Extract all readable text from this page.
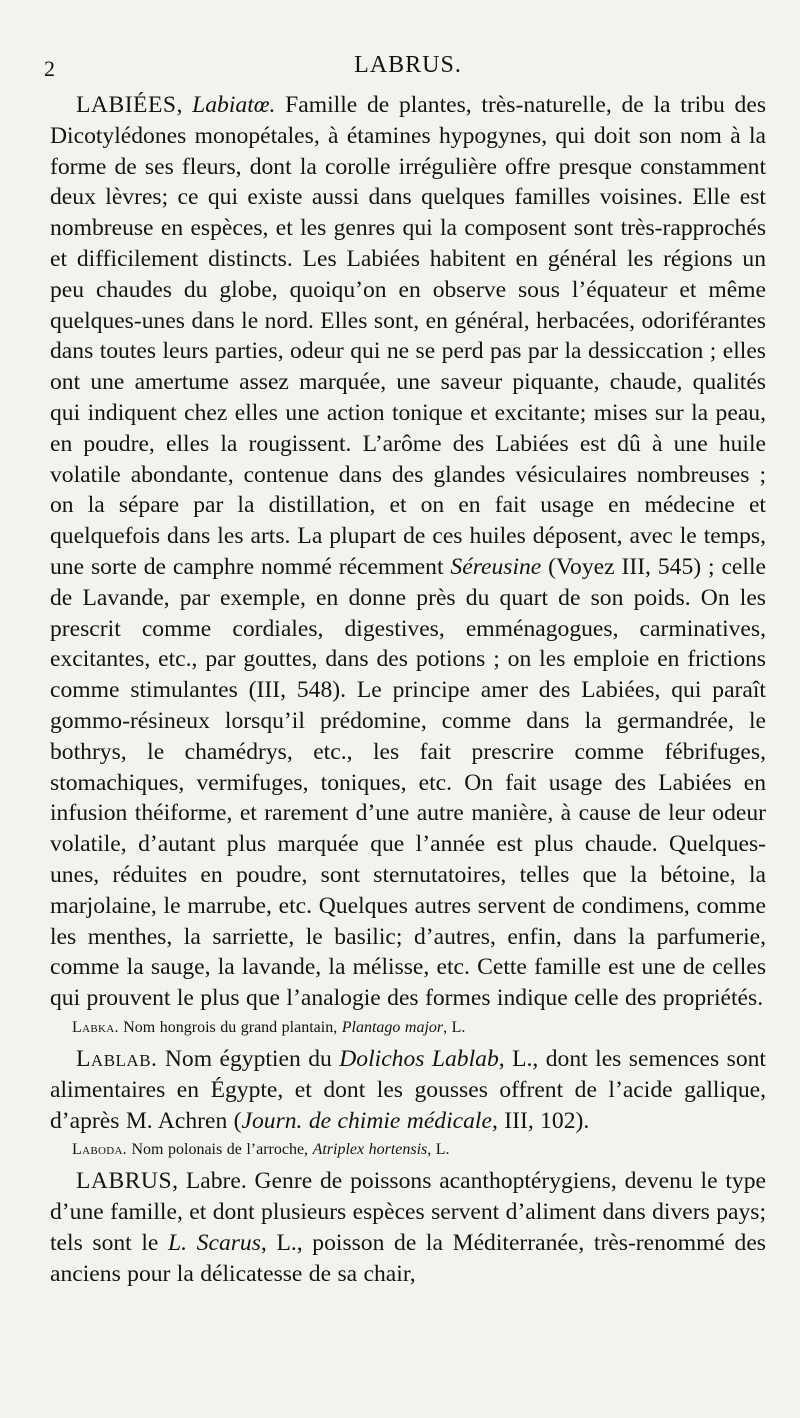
2	LABRUS.

LABIÉES, Labiatœ. Famille de plantes, très-naturelle, de la tribu des Dicotylédones monopétales, à étamines hypogynes, qui doit son nom à la forme de ses fleurs, dont la corolle irrégulière offre presque constamment deux lèvres; ce qui existe aussi dans quelques familles voisines. Elle est nombreuse en espèces, et les genres qui la composent sont très-rapprochés et difficilement distincts. Les Labiées habitent en général les régions un peu chaudes du globe, quoiqu’on en observe sous l’équateur et même quelques-unes dans le nord. Elles sont, en général, herbacées, odoriférantes dans toutes leurs parties, odeur qui ne se perd pas par la dessiccation ; elles ont une amertume assez marquée, une saveur piquante, chaude, qualités qui indiquent chez elles une action tonique et excitante; mises sur la peau, en poudre, elles la rougissent. L’arôme des Labiées est dû à une huile volatile abondante, contenue dans des glandes vésiculaires nombreuses ; on la sépare par la distillation, et on en fait usage en médecine et quelquefois dans les arts. La plupart de ces huiles déposent, avec le temps, une sorte de camphre nommé récemment Séreusine (Voyez III, 545) ; celle de Lavande, par exemple, en donne près du quart de son poids. On les prescrit comme cordiales, digestives, emménagogues, carminatives, excitantes, etc., par gouttes, dans des potions ; on les emploie en frictions comme stimulantes (III, 548). Le principe amer des Labiées, qui paraît gommo-résineux lorsqu’il prédomine, comme dans la germandrée, le bothrys, le chamédrys, etc., les fait prescrire comme fébrifuges, stomachiques, vermifuges, toniques, etc. On fait usage des Labiées en infusion théiforme, et rarement d’une autre manière, à cause de leur odeur volatile, d’autant plus marquée que l’année est plus chaude. Quelques-unes, réduites en poudre, sont sternutatoires, telles que la bétoine, la marjolaine, le marrube, etc. Quelques autres servent de condimens, comme les menthes, la sarriette, le basilic; d’autres, enfin, dans la parfumerie, comme la sauge, la lavande, la mélisse, etc. Cette famille est une de celles qui prouvent le plus que l’analogie des formes indique celle des propriétés.

Labka. Nom hongrois du grand plantain, Plantago major, L.

Lablab. Nom égyptien du Dolichos Lablab, L., dont les semences sont alimentaires en Égypte, et dont les gousses offrent de l’acide gallique, d’après M. Achren (Journ. de chimie médicale, III, 102).

Laboda. Nom polonais de l’arroche, Atriplex hortensis, L.

LABRUS, Labre. Genre de poissons acanthoptérygiens, devenu le type d’une famille, et dont plusieurs espèces servent d’aliment dans divers pays; tels sont le L. Scarus, L., poisson de la Méditerranée, très-renommé des anciens pour la délicatesse de sa chair,
